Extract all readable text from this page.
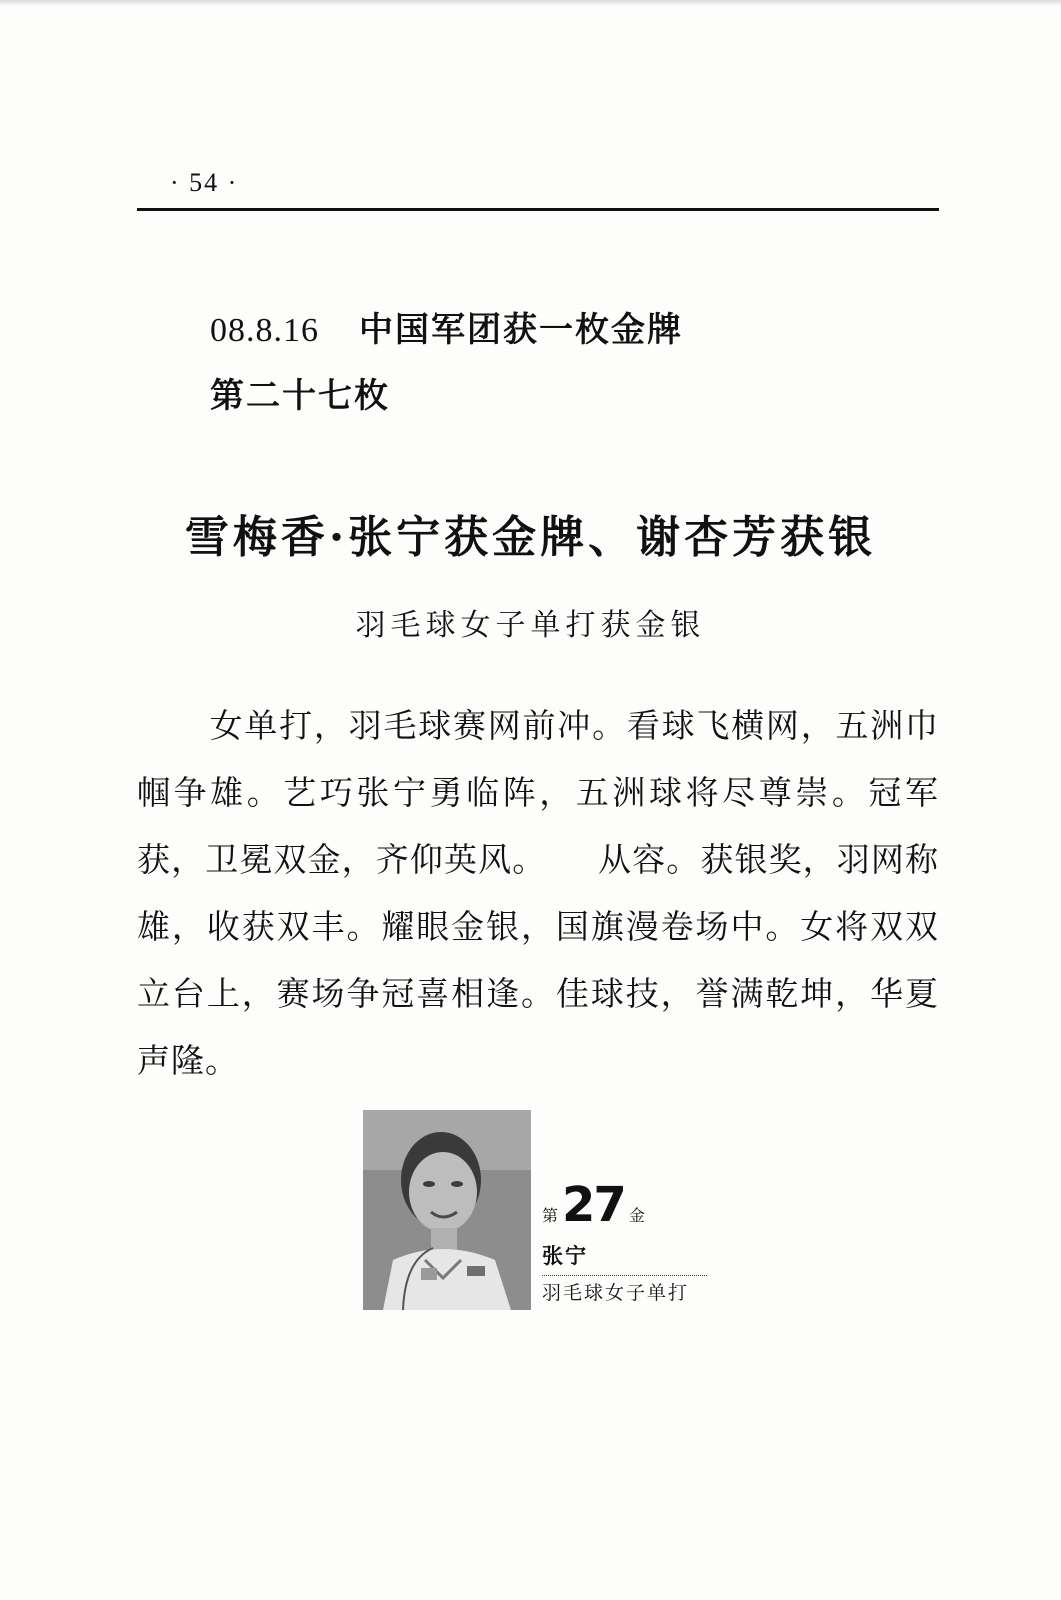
· 54 ·
08.8.16 中国军团获一枚金牌
第二十七枚
雪梅香·张宁获金牌、谢杏芳获银
羽毛球女子单打获金银

女单打，羽毛球赛网前冲。看球飞横网，五洲巾帼争雄。艺巧张宁勇临阵，五洲球将尽尊崇。冠军获，卫冕双金，齐仰英风。　　从容。获银奖，羽网称雄，收获双丰。耀眼金银，国旗漫卷场中。女将双双立台上，赛场争冠喜相逢。佳球技，誉满乾坤，华夏声隆。

第27 金
张宁
羽毛球女子单打
